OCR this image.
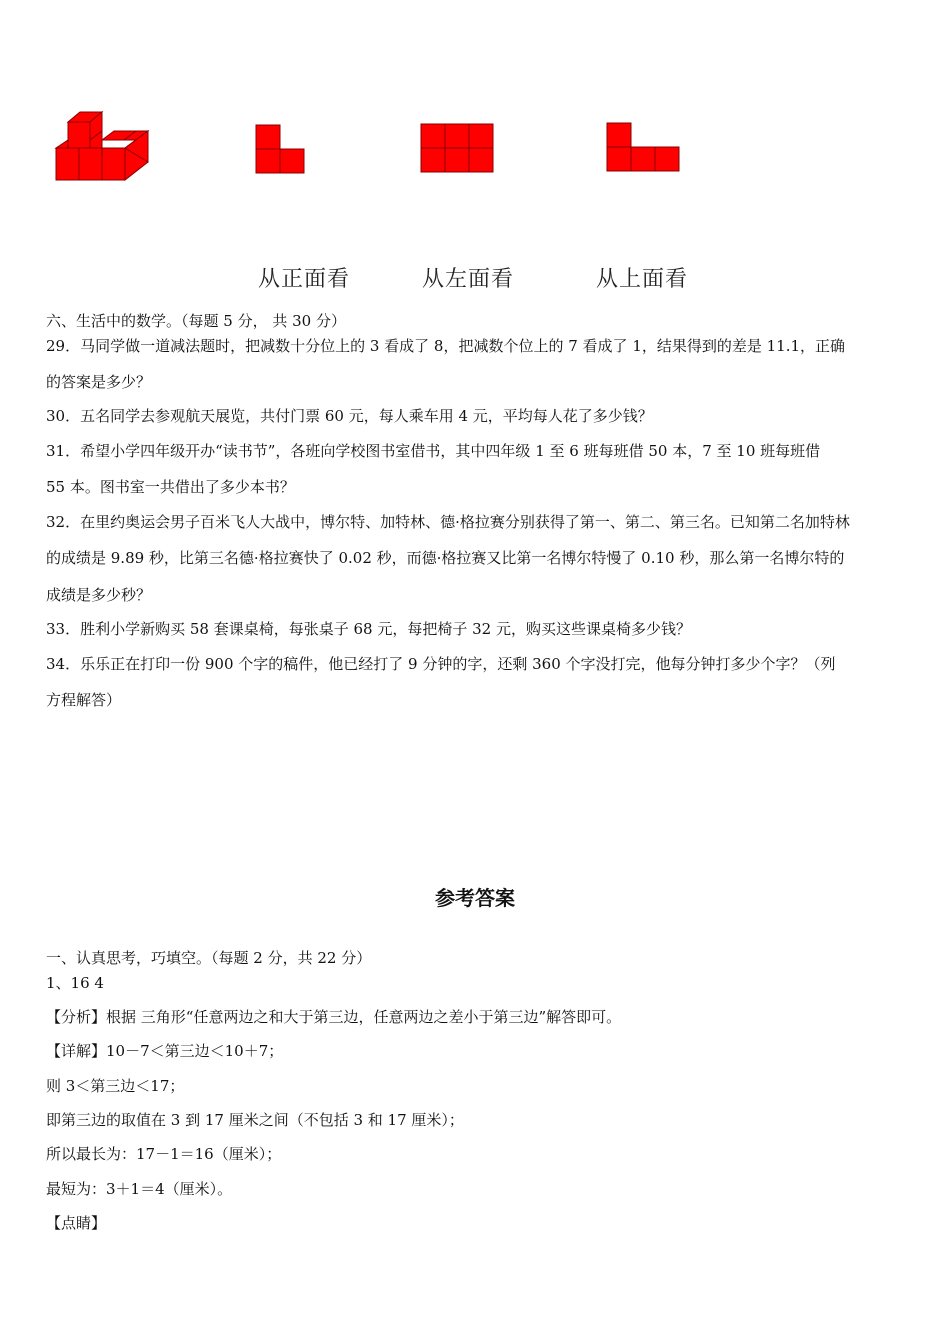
从正面看	从左面看	从上面看
六、生活中的数学。（每题 5 分， 共 30 分）
29．马同学做一道减法题时，把减数十分位上的 3 看成了 8，把减数个位上的 7 看成了 1，结果得到的差是 11.1，正确
的答案是多少？
30．五名同学去参观航天展览，共付门票 60 元，每人乘车用 4 元，平均每人花了多少钱？
31．希望小学四年级开办“读书节”，各班向学校图书室借书，其中四年级 1 至 6 班每班借 50 本，7 至 10 班每班借
55 本。图书室一共借出了多少本书？
32．在里约奥运会男子百米飞人大战中，博尔特、加特林、德·格拉赛分别获得了第一、第二、第三名。已知第二名加特林
的成绩是 9.89 秒，比第三名德·格拉赛快了 0.02 秒，而德·格拉赛又比第一名博尔特慢了 0.10 秒，那么第一名博尔特的
成绩是多少秒？
33．胜利小学新购买 58 套课桌椅，每张桌子 68 元，每把椅子 32 元，购买这些课桌椅多少钱？
34．乐乐正在打印一份 900 个字的稿件，他已经打了 9 分钟的字，还剩 360 个字没打完，他每分钟打多少个字？（列
方程解答）
参考答案
一、认真思考，巧填空。（每题 2 分，共 22 分）
1、16 4
【分析】根据 三角形“任意两边之和大于第三边，任意两边之差小于第三边”解答即可。
【详解】10－7＜第三边＜10＋7；
则 3＜第三边＜17；
即第三边的取值在 3 到 17 厘米之间（不包括 3 和 17 厘米）；
所以最长为：17－1＝16（厘米）；
最短为：3＋1＝4（厘米）。
【点睛】
